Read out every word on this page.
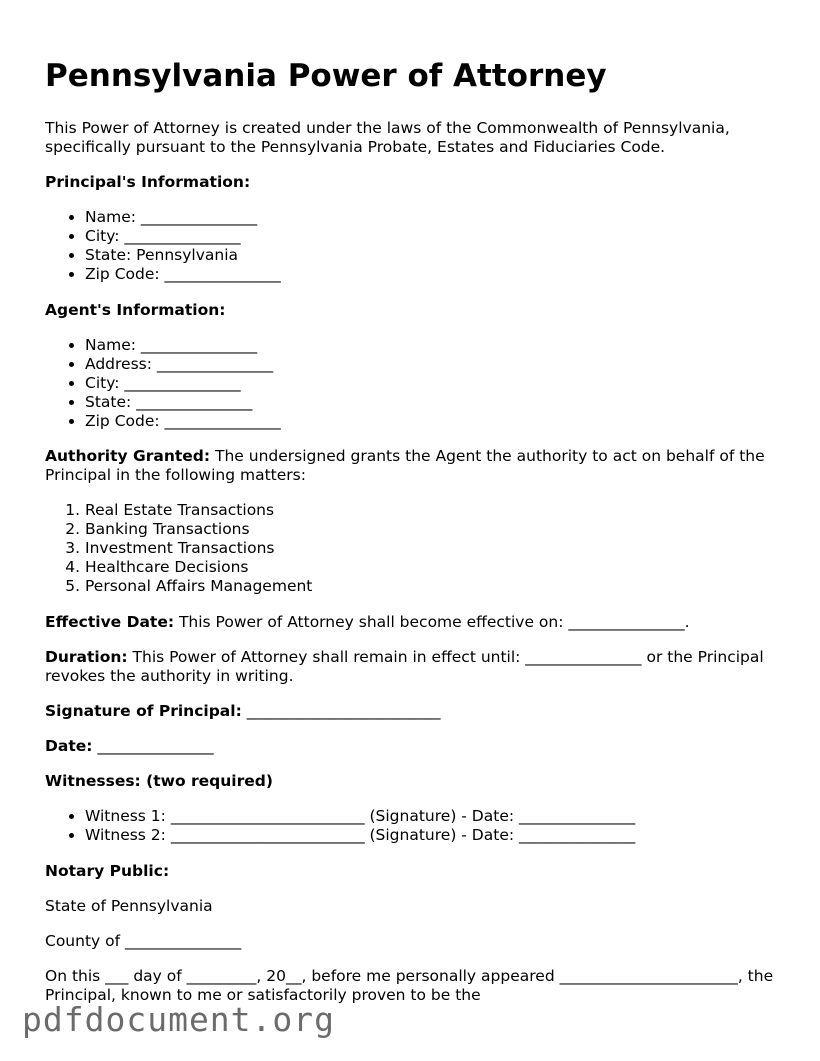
Pennsylvania Power of Attorney
This Power of Attorney is created under the laws of the Commonwealth of Pennsylvania, specifically pursuant to the Pennsylvania Probate, Estates and Fiduciaries Code.
Principal's Information:
• Name: _______________
• City: _______________
• State: Pennsylvania
• Zip Code: _______________
Agent's Information:
• Name: _______________
• Address: _______________
• City: _______________
• State: _______________
• Zip Code: _______________
Authority Granted: The undersigned grants the Agent the authority to act on behalf of the Principal in the following matters:
1. Real Estate Transactions
2. Banking Transactions
3. Investment Transactions
4. Healthcare Decisions
5. Personal Affairs Management
Effective Date: This Power of Attorney shall become effective on: _______________.
Duration: This Power of Attorney shall remain in effect until: _______________ or the Principal revokes the authority in writing.
Signature of Principal: _________________________
Date: _______________
Witnesses: (two required)
• Witness 1: _________________________ (Signature) - Date: _______________
• Witness 2: _________________________ (Signature) - Date: _______________
Notary Public:
State of Pennsylvania
County of _______________
On this ___ day of _________, 20__, before me personally appeared _______________________, the Principal, known to me or satisfactorily proven to be the
pdfdocument.org
